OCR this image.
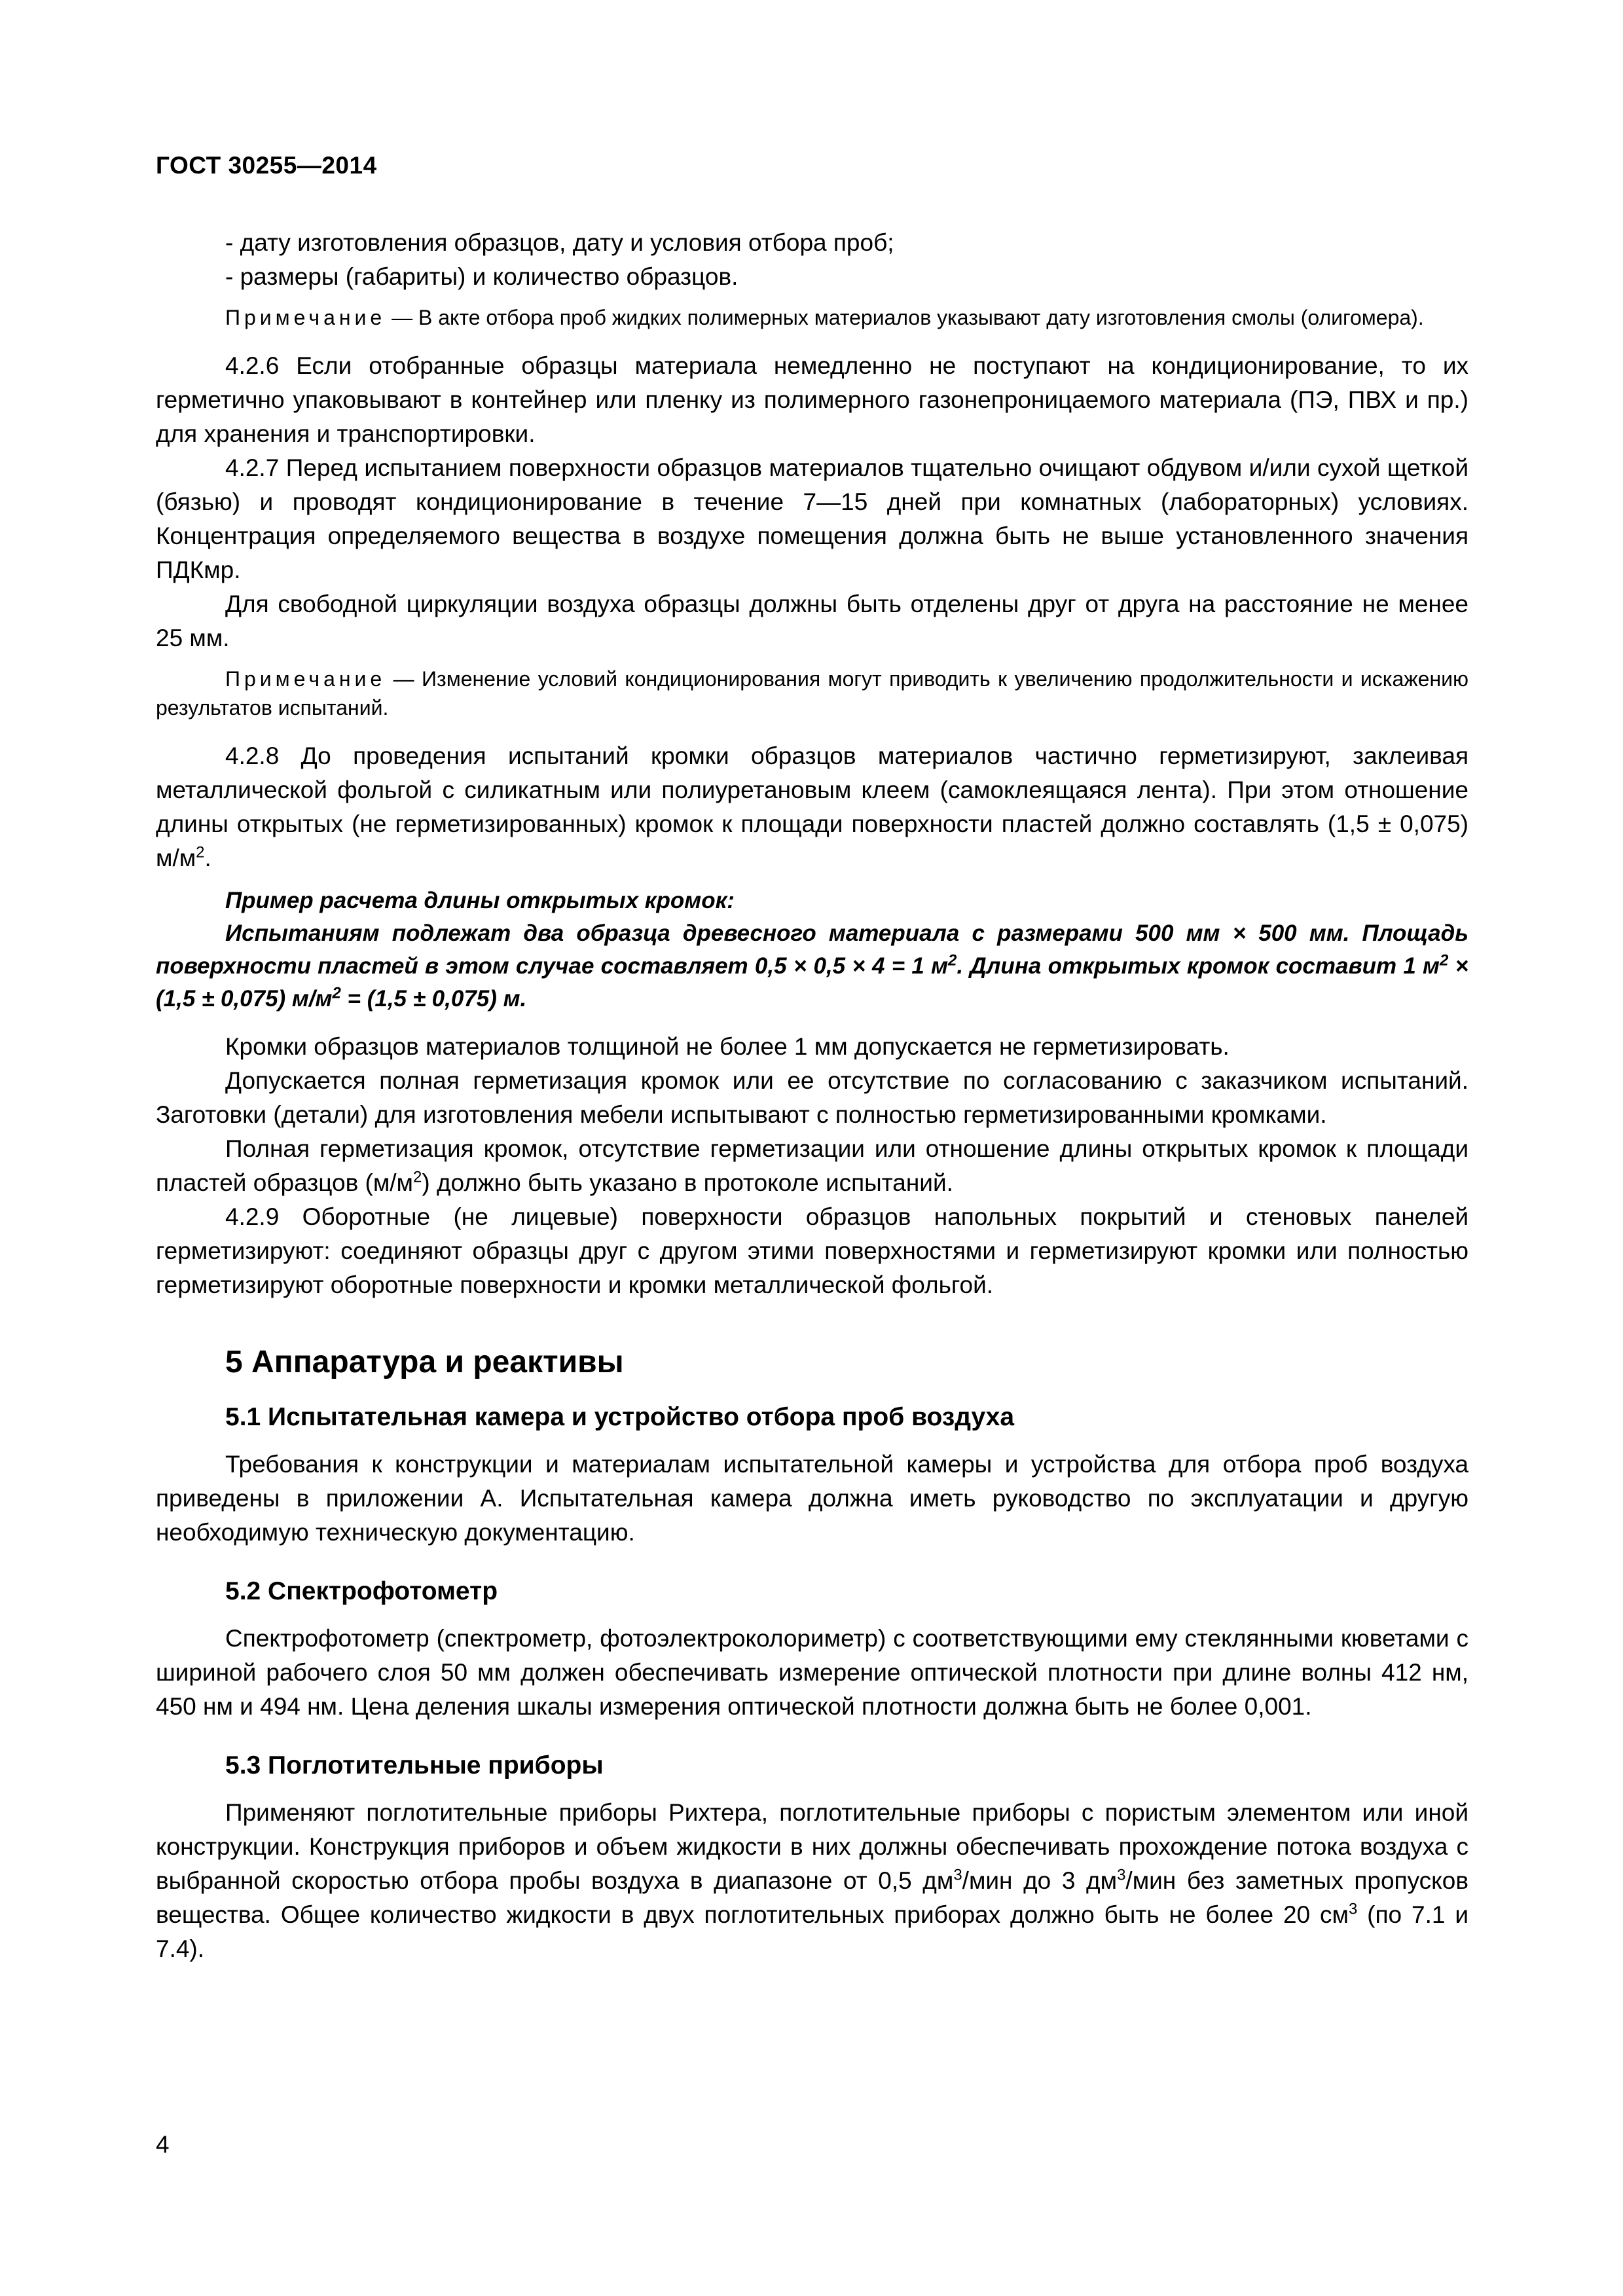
ГОСТ 30255—2014

- дату изготовления образцов, дату и условия отбора проб;

- размеры (габариты) и количество образцов.

Примечание — В акте отбора проб жидких полимерных материалов указывают дату изготовления смолы (олигомера).

4.2.6 Если отобранные образцы материала немедленно не поступают на кондиционирование, то их герметично упаковывают в контейнер или пленку из полимерного газонепроницаемого материала (ПЭ, ПВХ и пр.) для хранения и транспортировки.

4.2.7 Перед испытанием поверхности образцов материалов тщательно очищают обдувом и/или сухой щеткой (бязью) и проводят кондиционирование в течение 7—15 дней при комнатных (лабораторных) условиях. Концентрация определяемого вещества в воздухе помещения должна быть не выше установленного значения ПДКмр.

Для свободной циркуляции воздуха образцы должны быть отделены друг от друга на расстояние не менее 25 мм.

Примечание — Изменение условий кондиционирования могут приводить к увеличению продолжительности и искажению результатов испытаний.

4.2.8 До проведения испытаний кромки образцов материалов частично герметизируют, заклеивая металлической фольгой с силикатным или полиуретановым клеем (самоклеящаяся лента). При этом отношение длины открытых (не герметизированных) кромок к площади поверхности пластей должно составлять (1,5 ± 0,075) $м/м^2$.

Пример расчета длины открытых кромок:

Испытаниям подлежат два образца древесного материала с размерами 500 мм × 500 мм. Площадь поверхности пластей в этом случае составляет 0,5 × 0,5 × 4 = 1 $м^2$. Длина открытых кромок составит 1 $м^2 \times (1,5 \pm 0,075) м/м^2 = (1,5 \pm 0,075)$ м.

Кромки образцов материалов толщиной не более 1 мм допускается не герметизировать.

Допускается полная герметизация кромок или ее отсутствие по согласованию с заказчиком испытаний. Заготовки (детали) для изготовления мебели испытывают с полностью герметизированными кромками.

Полная герметизация кромок, отсутствие герметизации или отношение длины открытых кромок к площади пластей образцов $(м/м^2)$ должно быть указано в протоколе испытаний.

4.2.9 Оборотные (не лицевые) поверхности образцов напольных покрытий и стеновых панелей герметизируют: соединяют образцы друг с другом этими поверхностями и герметизируют кромки или полностью герметизируют оборотные поверхности и кромки металлической фольгой.

5 Аппаратура и реактивы
5.1 Испытательная камера и устройство отбора проб воздуха

Требования к конструкции и материалам испытательной камеры и устройства для отбора проб воздуха приведены в приложении А. Испытательная камера должна иметь руководство по эксплуатации и другую необходимую техническую документацию.

5.2 Спектрофотометр

Спектрофотометр (спектрометр, фотоэлектроколориметр) с соответствующими ему стеклянными кюветами с шириной рабочего слоя 50 мм должен обеспечивать измерение оптической плотности при длине волны 412 нм, 450 нм и 494 нм. Цена деления шкалы измерения оптической плотности должна быть не более 0,001.

5.3 Поглотительные приборы

Применяют поглотительные приборы Рихтера, поглотительные приборы с пористым элементом или иной конструкции. Конструкция приборов и объем жидкости в них должны обеспечивать прохождение потока воздуха с выбранной скоростью отбора пробы воздуха в диапазоне от 0,5 $дм^3$/мин до 3 $дм^3$/мин без заметных пропусков вещества. Общее количество жидкости в двух поглотительных приборах должно быть не более 20 $см^3$ (по 7.1 и 7.4).

4
